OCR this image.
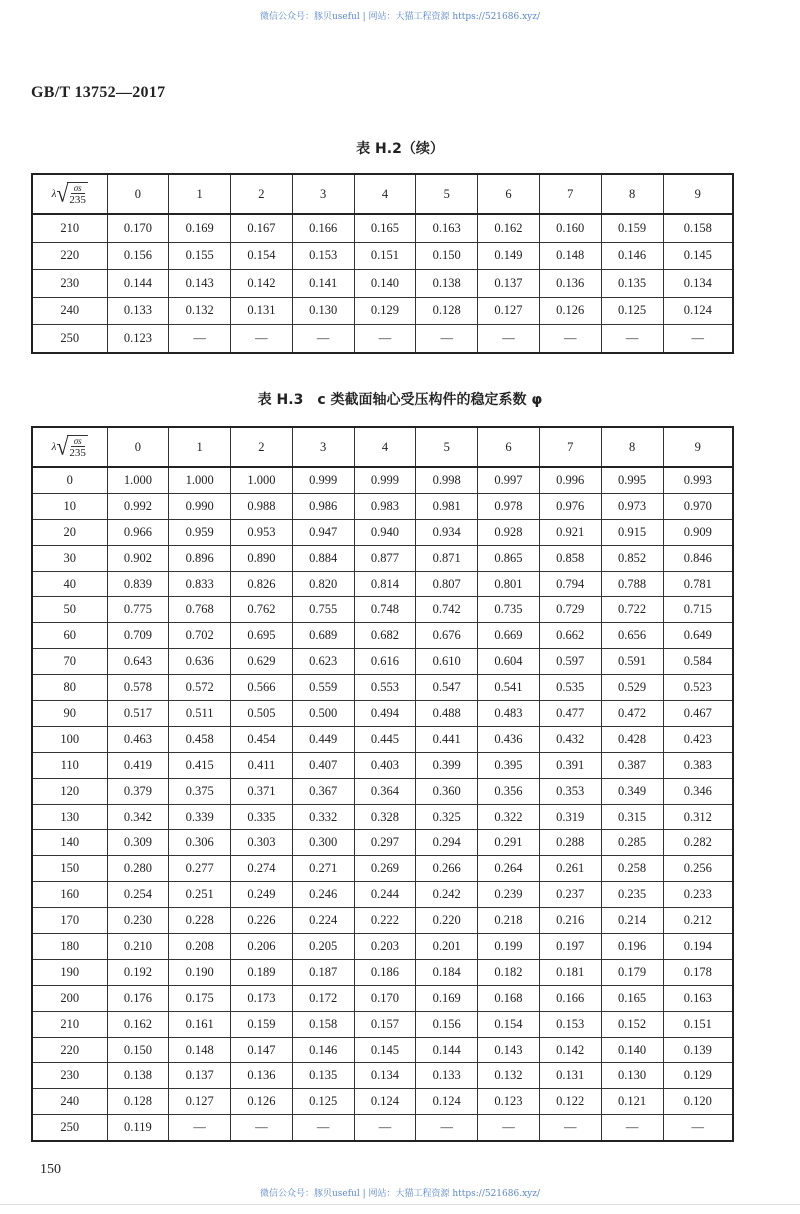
微信公众号：豚贝useful | 网站：大猫工程资源 https://521686.xyz/
GB/T 13752—2017
表 H.2（续）
λ √ $\frac{\sigma s}{235}$	0	1	2	3	4	5	6	7	8	9
210	0.170	0.169	0.167	0.166	0.165	0.163	0.162	0.160	0.159	0.158
220	0.156	0.155	0.154	0.153	0.151	0.150	0.149	0.148	0.146	0.145
230	0.144	0.143	0.142	0.141	0.140	0.138	0.137	0.136	0.135	0.134
240	0.133	0.132	0.131	0.130	0.129	0.128	0.127	0.126	0.125	0.124
250	0.123	—	—	—	—	—	—	—	—	—
表 H.3　c 类截面轴心受压构件的稳定系数 φ
λ √ $\frac{\sigma s}{235}$	0	1	2	3	4	5	6	7	8	9
0	1.000	1.000	1.000	0.999	0.999	0.998	0.997	0.996	0.995	0.993
10	0.992	0.990	0.988	0.986	0.983	0.981	0.978	0.976	0.973	0.970
20	0.966	0.959	0.953	0.947	0.940	0.934	0.928	0.921	0.915	0.909
30	0.902	0.896	0.890	0.884	0.877	0.871	0.865	0.858	0.852	0.846
40	0.839	0.833	0.826	0.820	0.814	0.807	0.801	0.794	0.788	0.781
50	0.775	0.768	0.762	0.755	0.748	0.742	0.735	0.729	0.722	0.715
60	0.709	0.702	0.695	0.689	0.682	0.676	0.669	0.662	0.656	0.649
70	0.643	0.636	0.629	0.623	0.616	0.610	0.604	0.597	0.591	0.584
80	0.578	0.572	0.566	0.559	0.553	0.547	0.541	0.535	0.529	0.523
90	0.517	0.511	0.505	0.500	0.494	0.488	0.483	0.477	0.472	0.467
100	0.463	0.458	0.454	0.449	0.445	0.441	0.436	0.432	0.428	0.423
110	0.419	0.415	0.411	0.407	0.403	0.399	0.395	0.391	0.387	0.383
120	0.379	0.375	0.371	0.367	0.364	0.360	0.356	0.353	0.349	0.346
130	0.342	0.339	0.335	0.332	0.328	0.325	0.322	0.319	0.315	0.312
140	0.309	0.306	0.303	0.300	0.297	0.294	0.291	0.288	0.285	0.282
150	0.280	0.277	0.274	0.271	0.269	0.266	0.264	0.261	0.258	0.256
160	0.254	0.251	0.249	0.246	0.244	0.242	0.239	0.237	0.235	0.233
170	0.230	0.228	0.226	0.224	0.222	0.220	0.218	0.216	0.214	0.212
180	0.210	0.208	0.206	0.205	0.203	0.201	0.199	0.197	0.196	0.194
190	0.192	0.190	0.189	0.187	0.186	0.184	0.182	0.181	0.179	0.178
200	0.176	0.175	0.173	0.172	0.170	0.169	0.168	0.166	0.165	0.163
210	0.162	0.161	0.159	0.158	0.157	0.156	0.154	0.153	0.152	0.151
220	0.150	0.148	0.147	0.146	0.145	0.144	0.143	0.142	0.140	0.139
230	0.138	0.137	0.136	0.135	0.134	0.133	0.132	0.131	0.130	0.129
240	0.128	0.127	0.126	0.125	0.124	0.124	0.123	0.122	0.121	0.120
250	0.119	—	—	—	—	—	—	—	—	—
150
微信公众号：豚贝useful | 网站：大猫工程资源 https://521686.xyz/
